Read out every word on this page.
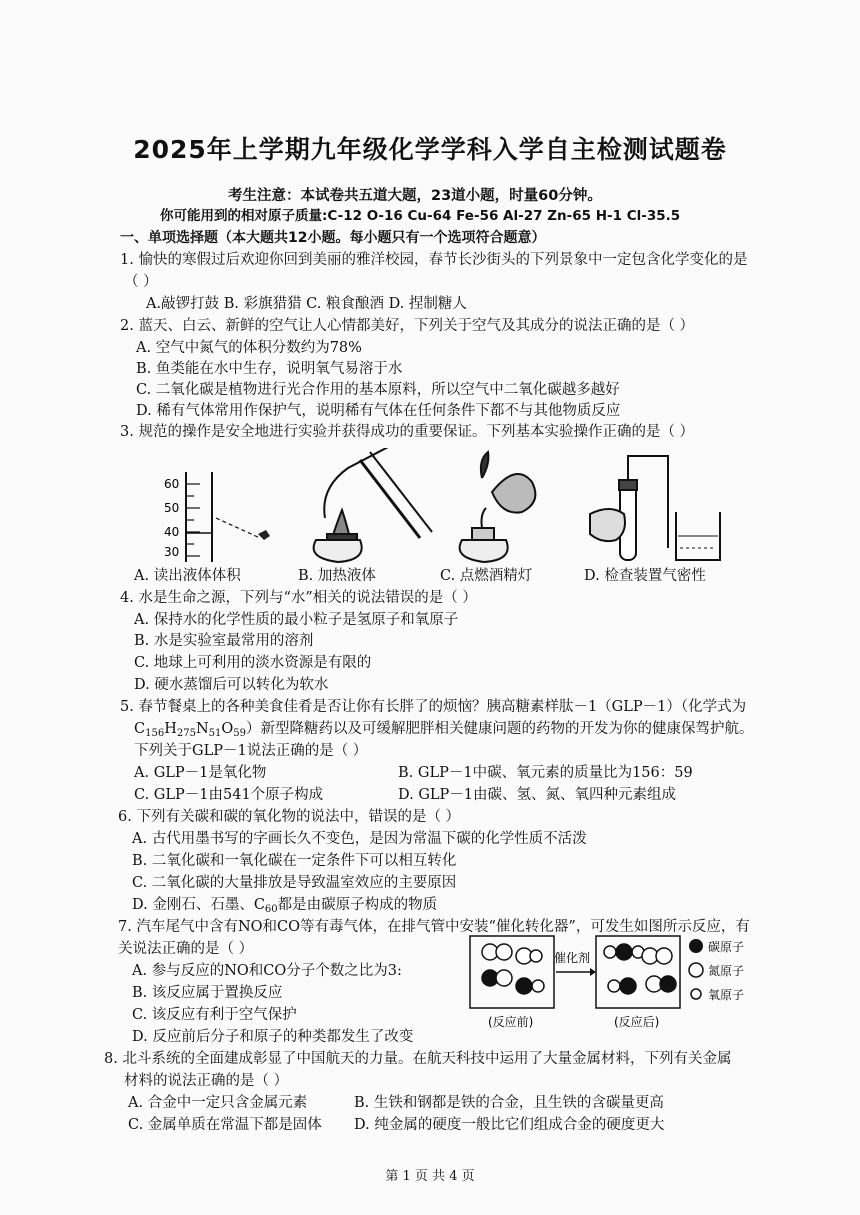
2025年上学期九年级化学学科入学自主检测试题卷
考生注意：本试卷共五道大题，23道小题，时量60分钟。
你可能用到的相对原子质量:C-12 O-16 Cu-64 Fe-56 Al-27 Zn-65 H-1 Cl-35.5
一、单项选择题（本大题共12小题。每小题只有一个选项符合题意）
1. 愉快的寒假过后欢迎你回到美丽的雅洋校园，春节长沙街头的下列景象中一定包含化学变化的是
（ ）
A.敲锣打鼓 B. 彩旗猎猎 C. 粮食酿酒 D. 捏制糖人
2. 蓝天、白云、新鲜的空气让人心情都美好，下列关于空气及其成分的说法正确的是（ ）
A. 空气中氮气的体积分数约为78%
B. 鱼类能在水中生存，说明氧气易溶于水
C. 二氧化碳是植物进行光合作用的基本原料，所以空气中二氧化碳越多越好
D. 稀有气体常用作保护气，说明稀有气体在任何条件下都不与其他物质反应
3. 规范的操作是安全地进行实验并获得成功的重要保证。下列基本实验操作正确的是（ ）
60
50
40
30
A. 读出液体体积	B. 加热液体	C. 点燃酒精灯	D. 检查装置气密性
4. 水是生命之源，下列与“水”相关的说法错误的是（ ）
A. 保持水的化学性质的最小粒子是氢原子和氧原子
B. 水是实验室最常用的溶剂
C. 地球上可利用的淡水资源是有限的
D. 硬水蒸馏后可以转化为软水
5. 春节餐桌上的各种美食佳肴是否让你有长胖了的烦恼？胰高糖素样肽－1（GLP－1）（化学式为
$C_{156}H_{275}N_{51}O_{59}$）新型降糖药以及可缓解肥胖相关健康问题的药物的开发为你的健康保驾护航。
下列关于GLP－1说法正确的是（ ）
A. GLP－1是氧化物	B. GLP－1中碳、氧元素的质量比为156：59
C. GLP－1由541个原子构成	D. GLP－1由碳、氢、氮、氧四种元素组成
6. 下列有关碳和碳的氧化物的说法中，错误的是（ ）
A. 古代用墨书写的字画长久不变色，是因为常温下碳的化学性质不活泼
B. 二氧化碳和一氧化碳在一定条件下可以相互转化
C. 二氧化碳的大量排放是导致温室效应的主要原因
D. 金刚石、石墨、$C_{60}$都是由碳原子构成的物质
7. 汽车尾气中含有NO和CO等有毒气体，在排气管中安装“催化转化器”，可发生如图所示反应，有
关说法正确的是（ ）
A. 参与反应的NO和CO分子个数之比为3:
B. 该反应属于置换反应
C. 该反应有利于空气保护
D. 反应前后分子和原子的种类都发生了改变
(反应前)
催化剂
(反应后)
碳原子
氮原子
氧原子
8. 北斗系统的全面建成彰显了中国航天的力量。在航天科技中运用了大量金属材料，下列有关金属
材料的说法正确的是（ ）
A. 合金中一定只含金属元素	B. 生铁和钢都是铁的合金，且生铁的含碳量更高
C. 金属单质在常温下都是固体 D. 纯金属的硬度一般比它们组成合金的硬度更大
第 1 页 共 4 页
